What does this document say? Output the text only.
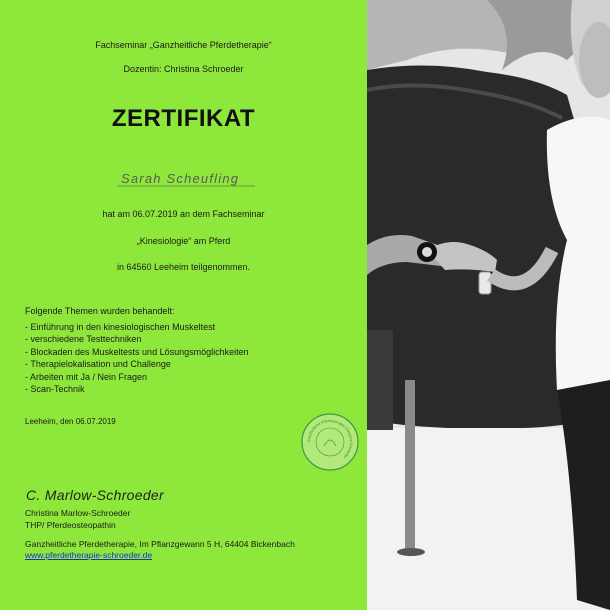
Fachseminar „Ganzheitliche Pferdetherapie“
Dozentin: Christina Schroeder
ZERTIFIKAT
Sarah Scheufling
hat am 06.07.2019 an dem Fachseminar
„Kinesiologie“ am Pferd
in 64560 Leeheim teilgenommen.
Folgende Themen wurden behandelt:
- Einführung in den kinesiologischen Muskeltest
- verschiedene Testtechniken
- Blockaden des Muskeltests und Lösungsmöglichkeiten
- Therapielokalisation und Challenge
- Arbeiten mit Ja / Nein Fragen
- Scan-Technik
Leeheim, den 06.07.2019
Ganzheitliche Pferdetherapie Christina Schroeder
C. Marlow-Schroeder
Christina Marlow-Schroeder
THP/ Pferdeosteopathin
Ganzheitliche Pferdetherapie, Im Pflanzgewann 5 H, 64404 Bickenbach
www.pferdetherapie-schroeder.de
